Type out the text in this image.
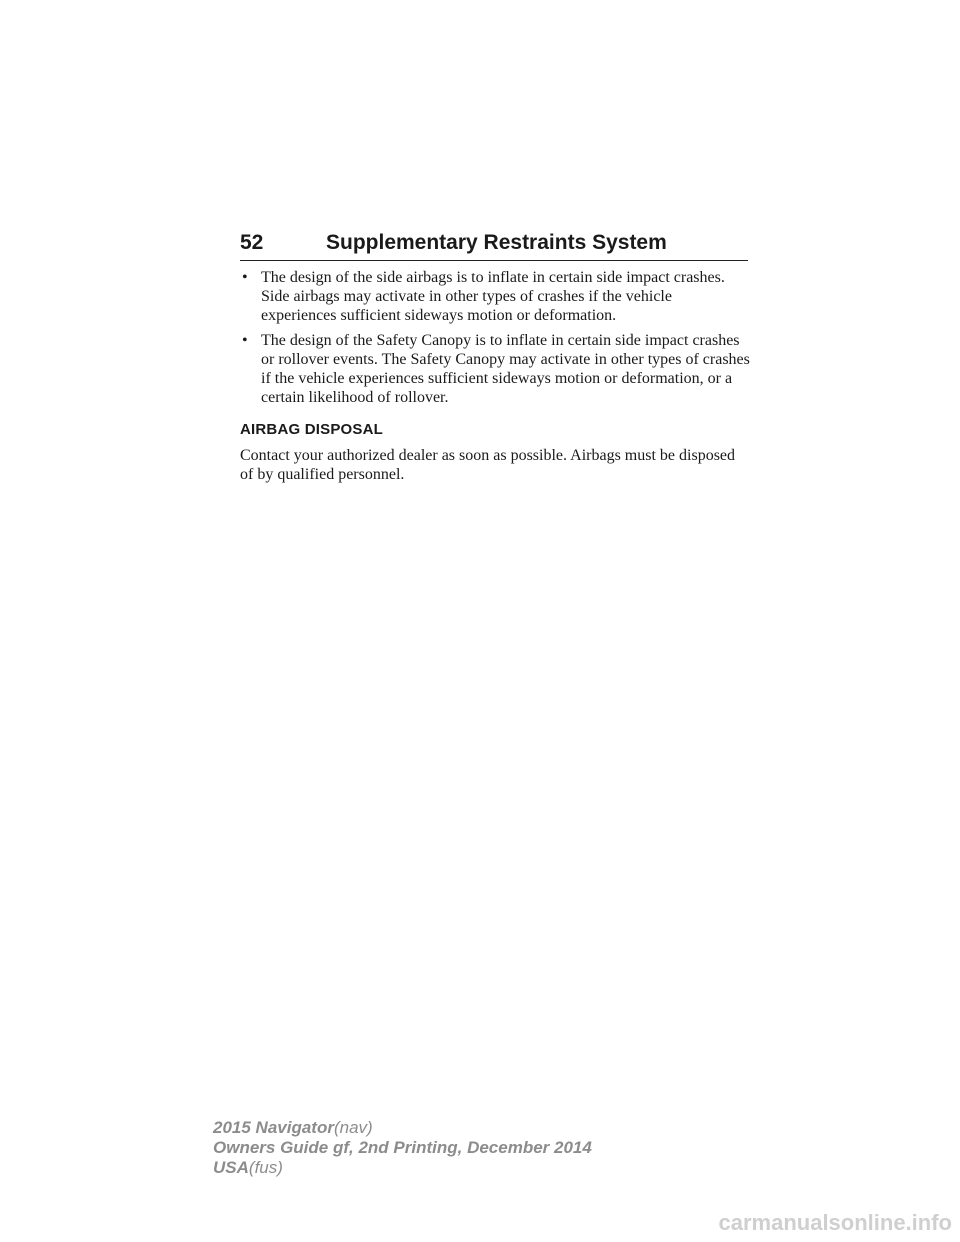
52	Supplementary Restraints System
• The design of the side airbags is to inflate in certain side impact crashes. Side airbags may activate in other types of crashes if the vehicle experiences sufficient sideways motion or deformation.
• The design of the Safety Canopy is to inflate in certain side impact crashes or rollover events. The Safety Canopy may activate in other types of crashes if the vehicle experiences sufficient sideways motion or deformation, or a certain likelihood of rollover.
AIRBAG DISPOSAL

Contact your authorized dealer as soon as possible. Airbags must be disposed of by qualified personnel.

2015 Navigator(nav)
Owners Guide gf, 2nd Printing, December 2014
USA(fus)
carmanualsonline.info
